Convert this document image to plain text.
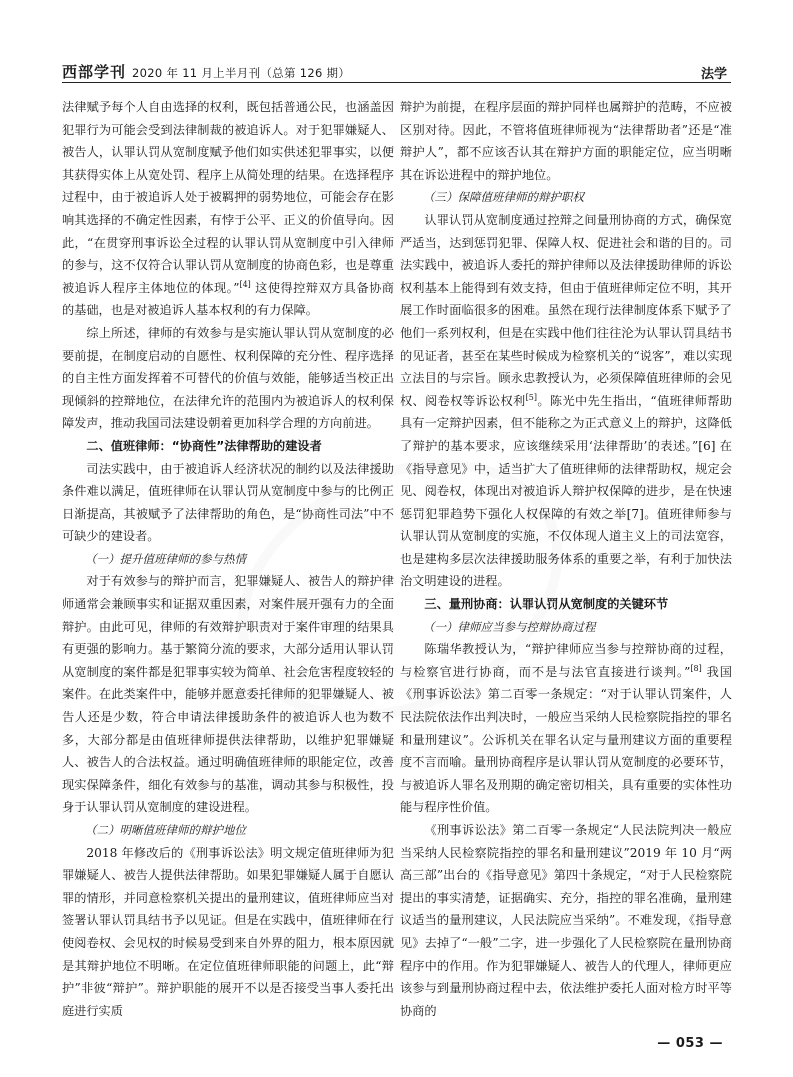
西部学刊 2020 年 11 月上半月刊（总第 126 期）	法学

法律赋予每个人自由选择的权利，既包括普通公民，也涵盖因犯罪行为可能会受到法律制裁的被追诉人。对于犯罪嫌疑人、被告人，认罪认罚从宽制度赋予他们如实供述犯罪事实，以便其获得实体上从宽处罚、程序上从简处理的结果。在选择程序过程中，由于被追诉人处于被羁押的弱势地位，可能会存在影响其选择的不确定性因素，有悖于公平、正义的价值导向。因此，“在贯穿刑事诉讼全过程的认罪认罚从宽制度中引入律师的参与，这不仅符合认罪认罚从宽制度的协商色彩，也是尊重被追诉人程序主体地位的体现。”[4] 这使得控辩双方具备协商的基础，也是对被追诉人基本权利的有力保障。

综上所述，律师的有效参与是实施认罪认罚从宽制度的必要前提，在制度启动的自愿性、权利保障的充分性、程序选择的自主性方面发挥着不可替代的价值与效能，能够适当校正出现倾斜的控辩地位，在法律允许的范围内为被追诉人的权利保障发声，推动我国司法建设朝着更加科学合理的方向前进。

二、值班律师：“协商性”法律帮助的建设者

司法实践中，由于被追诉人经济状况的制约以及法律援助条件难以满足，值班律师在认罪认罚从宽制度中参与的比例正日渐提高，其被赋予了法律帮助的角色，是“协商性司法”中不可缺少的建设者。

（一）提升值班律师的参与热情

对于有效参与的辩护而言，犯罪嫌疑人、被告人的辩护律师通常会兼顾事实和证据双重因素，对案件展开强有力的全面辩护。由此可见，律师的有效辩护职责对于案件审理的结果具有更强的影响力。基于繁简分流的要求，大部分适用认罪认罚从宽制度的案件都是犯罪事实较为简单、社会危害程度较轻的案件。在此类案件中，能够并愿意委托律师的犯罪嫌疑人、被告人还是少数，符合申请法律援助条件的被追诉人也为数不多，大部分都是由值班律师提供法律帮助，以维护犯罪嫌疑人、被告人的合法权益。通过明确值班律师的职能定位，改善现实保障条件，细化有效参与的基准，调动其参与积极性，投身于认罪认罚从宽制度的建设进程。

（二）明晰值班律师的辩护地位

2018 年修改后的《刑事诉讼法》明文规定值班律师为犯罪嫌疑人、被告人提供法律帮助。如果犯罪嫌疑人属于自愿认罪的情形，并同意检察机关提出的量刑建议，值班律师应当对签署认罪认罚具结书予以见证。但是在实践中，值班律师在行使阅卷权、会见权的时候易受到来自外界的阻力，根本原因就是其辩护地位不明晰。在定位值班律师职能的问题上，此“辩护”非彼“辩护”。辩护职能的展开不以是否接受当事人委托出庭进行实质

辩护为前提，在程序层面的辩护同样也属辩护的范畴，不应被区别对待。因此，不管将值班律师视为“法律帮助者”还是“准辩护人”，都不应该否认其在辩护方面的职能定位，应当明晰其在诉讼进程中的辩护地位。

（三）保障值班律师的辩护职权

认罪认罚从宽制度通过控辩之间量刑协商的方式，确保宽严适当，达到惩罚犯罪、保障人权、促进社会和谐的目的。司法实践中，被追诉人委托的辩护律师以及法律援助律师的诉讼权利基本上能得到有效支持，但由于值班律师定位不明，其开展工作时面临很多的困难。虽然在现行法律制度体系下赋予了他们一系列权利，但是在实践中他们往往沦为认罪认罚具结书的见证者，甚至在某些时候成为检察机关的“说客”，难以实现立法目的与宗旨。顾永忠教授认为，必须保障值班律师的会见权、阅卷权等诉讼权利[5]。陈光中先生指出，“值班律师帮助具有一定辩护因素，但不能称之为正式意义上的辩护，这降低了辩护的基本要求，应该继续采用‘法律帮助’的表述。”[6] 在《指导意见》中，适当扩大了值班律师的法律帮助权，规定会见、阅卷权，体现出对被追诉人辩护权保障的进步，是在快速惩罚犯罪趋势下强化人权保障的有效之举[7]。值班律师参与认罪认罚从宽制度的实施，不仅体现人道主义上的司法宽容，也是建构多层次法律援助服务体系的重要之举，有利于加快法治文明建设的进程。

三、量刑协商：认罪认罚从宽制度的关键环节

（一）律师应当参与控辩协商过程

陈瑞华教授认为，“辩护律师应当参与控辩协商的过程，与检察官进行协商，而不是与法官直接进行谈判。”[8] 我国《刑事诉讼法》第二百零一条规定：“对于认罪认罚案件，人民法院依法作出判决时，一般应当采纳人民检察院指控的罪名和量刑建议”。公诉机关在罪名认定与量刑建议方面的重要程度不言而喻。量刑协商程序是认罪认罚从宽制度的必要环节，与被追诉人罪名及刑期的确定密切相关，具有重要的实体性功能与程序性价值。

《刑事诉讼法》第二百零一条规定“人民法院判决一般应当采纳人民检察院指控的罪名和量刑建议”2019 年 10 月“两高三部”出台的《指导意见》第四十条规定，“对于人民检察院提出的事实清楚，证据确实、充分，指控的罪名准确，量刑建议适当的量刑建议，人民法院应当采纳”。不难发现，《指导意见》去掉了“一般”二字，进一步强化了人民检察院在量刑协商程序中的作用。作为犯罪嫌疑人、被告人的代理人，律师更应该参与到量刑协商过程中去，依法维护委托人面对检方时平等协商的

— 053 —
